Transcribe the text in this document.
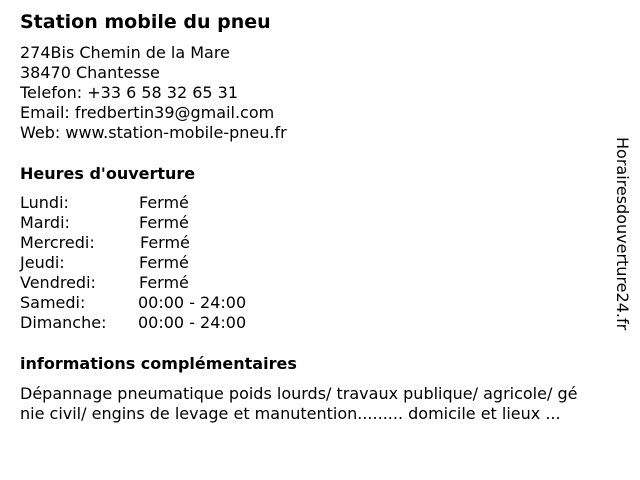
Station mobile du pneu
274Bis Chemin de la Mare
38470 Chantesse
Telefon: +33 6 58 32 65 31
Email: fredbertin39@gmail.com
Web: www.station-mobile-pneu.fr
Heures d'ouverture
Lundi:	Fermé
Mardi:	Fermé
Mercredi:	Fermé
Jeudi:	Fermé
Vendredi:	Fermé
Samedi:	00:00 - 24:00
Dimanche: 00:00 - 24:00
informations complémentaires
Dépannage pneumatique poids lourds/ travaux publique/ agricole/ gé
nie civil/ engins de levage et manutention......... domicile et lieux ...
Horairesdouverture24.fr
